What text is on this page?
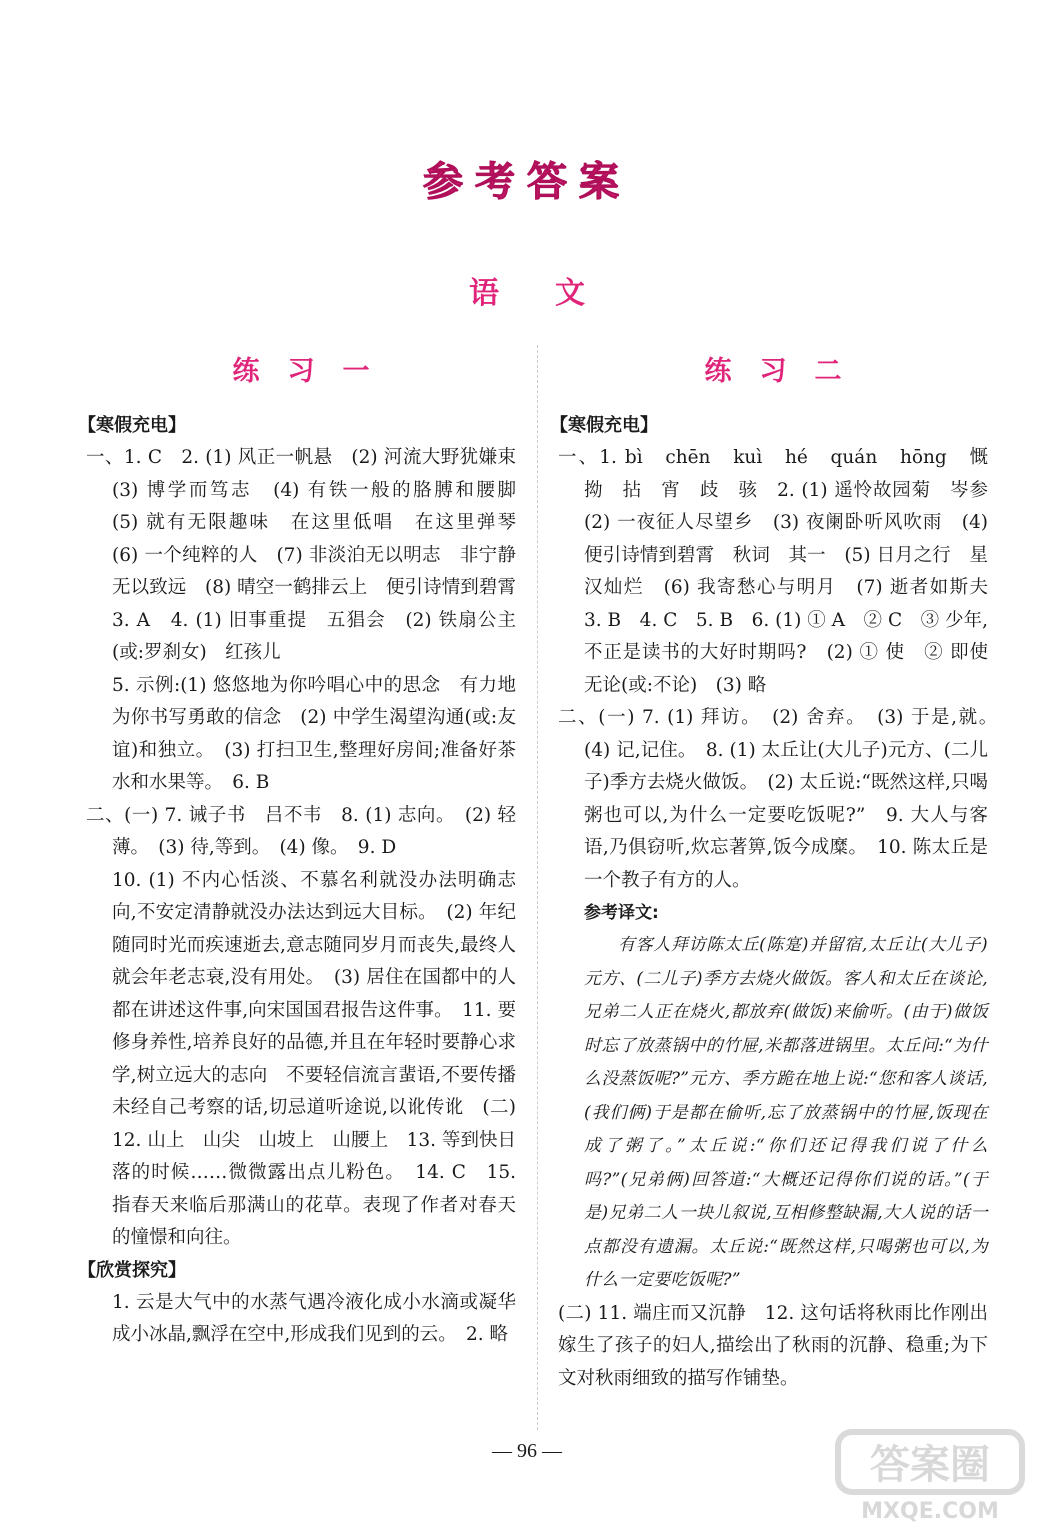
参考答案
语文
练习一
【寒假充电】

一、1. C　2. (1) 风正一帆悬　(2) 河流大野犹嫌束　(3) 博学而笃志　(4) 有铁一般的胳膊和腰脚　(5) 就有无限趣味　在这里低唱　在这里弹琴　(6) 一个纯粹的人　(7) 非淡泊无以明志　非宁静无以致远　(8) 晴空一鹤排云上　便引诗情到碧霄　3. A　4. (1) 旧事重提　五猖会　(2) 铁扇公主(或:罗刹女)　红孩儿

5. 示例:(1) 悠悠地为你吟唱心中的思念　有力地为你书写勇敢的信念　(2) 中学生渴望沟通(或:友谊)和独立。　(3) 打扫卫生,整理好房间;准备好茶水和水果等。　6. B

二、(一) 7. 诫子书　吕不韦　8. (1) 志向。　(2) 轻薄。　(3) 待,等到。　(4) 像。　9. D

10. (1) 不内心恬淡、不慕名利就没办法明确志向,不安定清静就没办法达到远大目标。　(2) 年纪随同时光而疾速逝去,意志随同岁月而丧失,最终人就会年老志衰,没有用处。　(3) 居住在国都中的人都在讲述这件事,向宋国国君报告这件事。　11. 要修身养性,培养良好的品德,并且在年轻时要静心求学,树立远大的志向　不要轻信流言蜚语,不要传播未经自己考察的话,切忌道听途说,以讹传讹　(二) 12. 山上　山尖　山坡上　山腰上　13. 等到快日落的时候……微微露出点儿粉色。　14. C　15. 指春天来临后那满山的花草。表现了作者对春天的憧憬和向往。

【欣赏探究】

1. 云是大气中的水蒸气遇冷液化成小水滴或凝华成小冰晶,飘浮在空中,形成我们见到的云。　2. 略

练习二
【寒假充电】

一、1. bì　chēn　kuì　hé　quán　hōng　慨　拗　拈　宵　歧　骇　2. (1) 遥怜故园菊　岑参　(2) 一夜征人尽望乡　(3) 夜阑卧听风吹雨　(4) 便引诗情到碧霄　秋词　其一　(5) 日月之行　星汉灿烂　(6) 我寄愁心与明月　(7) 逝者如斯夫　3. B　4. C　5. B　6. (1) ① A　② C　③ 少年,不正是读书的大好时期吗?　(2) ① 使　② 即使　无论(或:不论)　(3) 略

二、(一) 7. (1) 拜访。　(2) 舍弃。　(3) 于是,就。　(4) 记,记住。　8. (1) 太丘让(大儿子)元方、(二儿子)季方去烧火做饭。　(2) 太丘说:“既然这样,只喝粥也可以,为什么一定要吃饭呢?”　9. 大人与客语,乃俱窃听,炊忘著箅,饭今成糜。　10. 陈太丘是一个教子有方的人。

参考译文:

有客人拜访陈太丘(陈寔)并留宿,太丘让(大儿子)元方、(二儿子)季方去烧火做饭。客人和太丘在谈论,兄弟二人正在烧火,都放弃(做饭)来偷听。(由于)做饭时忘了放蒸锅中的竹屉,米都落进锅里。太丘问:“为什么没蒸饭呢?”元方、季方跪在地上说:“您和客人谈话,(我们俩)于是都在偷听,忘了放蒸锅中的竹屉,饭现在成了粥了。”太丘说:“你们还记得我们说了什么吗?”(兄弟俩)回答道:“大概还记得你们说的话。”(于是)兄弟二人一块儿叙说,互相修整缺漏,大人说的话一点都没有遗漏。太丘说:“既然这样,只喝粥也可以,为什么一定要吃饭呢?”

(二) 11. 端庄而又沉静　12. 这句话将秋雨比作刚出嫁生了孩子的妇人,描绘出了秋雨的沉静、稳重;为下文对秋雨细致的描写作铺垫。

— 96 —	答案圈
MXQE.COM
